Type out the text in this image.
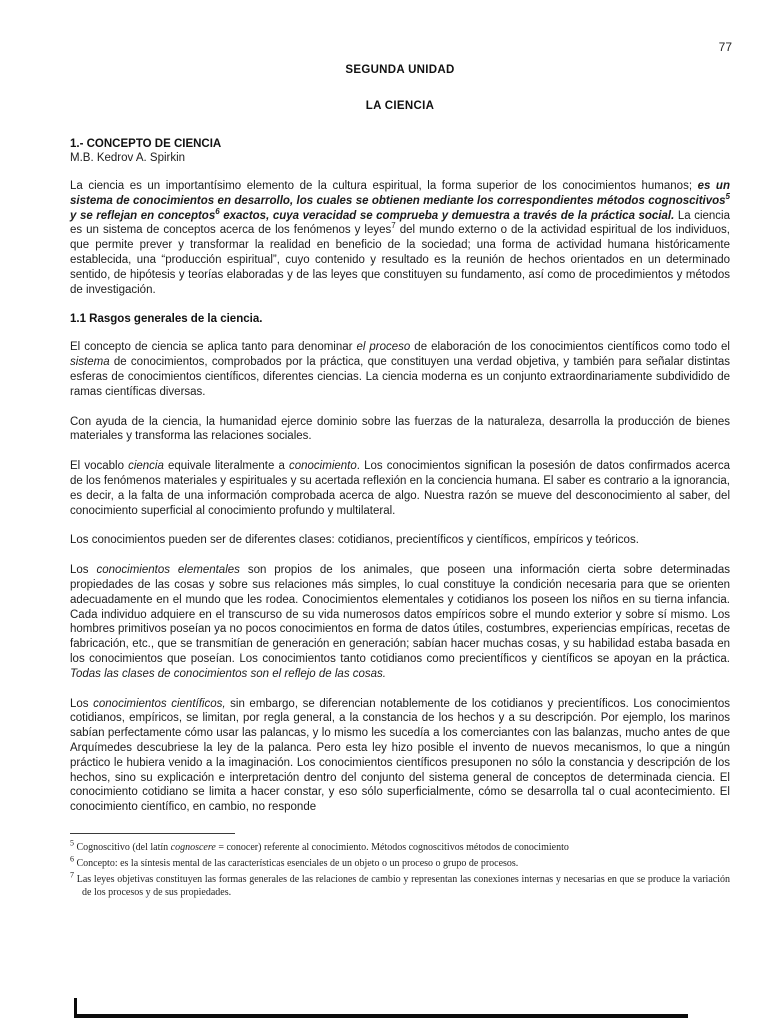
77
SEGUNDA UNIDAD
LA CIENCIA
1.- CONCEPTO DE CIENCIA
M.B. Kedrov A. Spirkin

La ciencia es un importantísimo elemento de la cultura espiritual, la forma superior de los conocimientos humanos; es un sistema de conocimientos en desarrollo, los cuales se obtienen mediante los correspondientes métodos cognoscitivos$^5$ y se reflejan en conceptos$^6$ exactos, cuya veracidad se comprueba y demuestra a través de la práctica social. La ciencia es un sistema de conceptos acerca de los fenómenos y leyes$^7$ del mundo externo o de la actividad espiritual de los individuos, que permite prever y transformar la realidad en beneficio de la sociedad; una forma de actividad humana históricamente establecida, una “producción espiritual”, cuyo contenido y resultado es la reunión de hechos orientados en un determinado sentido, de hipótesis y teorías elaboradas y de las leyes que constituyen su fundamento, así como de procedimientos y métodos de investigación.

1.1 Rasgos generales de la ciencia.

El concepto de ciencia se aplica tanto para denominar el proceso de elaboración de los conocimientos científicos como todo el sistema de conocimientos, comprobados por la práctica, que constituyen una verdad objetiva, y también para señalar distintas esferas de conocimientos científicos, diferentes ciencias. La ciencia moderna es un conjunto extraordinariamente subdividido de ramas científicas diversas.

Con ayuda de la ciencia, la humanidad ejerce dominio sobre las fuerzas de la naturaleza, desarrolla la producción de bienes materiales y transforma las relaciones sociales.

El vocablo ciencia equivale literalmente a conocimiento. Los conocimientos significan la posesión de datos confirmados acerca de los fenómenos materiales y espirituales y su acertada reflexión en la conciencia humana. El saber es contrario a la ignorancia, es decir, a la falta de una información comprobada acerca de algo. Nuestra razón se mueve del desconocimiento al saber, del conocimiento superficial al conocimiento profundo y multilateral.

Los conocimientos pueden ser de diferentes clases: cotidianos, precientíficos y científicos, empíricos y teóricos.

Los conocimientos elementales son propios de los animales, que poseen una información cierta sobre determinadas propiedades de las cosas y sobre sus relaciones más simples, lo cual constituye la condición necesaria para que se orienten adecuadamente en el mundo que les rodea. Conocimientos elementales y cotidianos los poseen los niños en su tierna infancia. Cada individuo adquiere en el transcurso de su vida numerosos datos empíricos sobre el mundo exterior y sobre sí mismo. Los hombres primitivos poseían ya no pocos conocimientos en forma de datos útiles, costumbres, experiencias empíricas, recetas de fabricación, etc., que se transmitían de generación en generación; sabían hacer muchas cosas, y su habilidad estaba basada en los conocimientos que poseían. Los conocimientos tanto cotidianos como precientíficos y científicos se apoyan en la práctica. Todas las clases de conocimientos son el reflejo de las cosas.

Los conocimientos científicos, sin embargo, se diferencian notablemente de los cotidianos y precientíficos. Los conocimientos cotidianos, empíricos, se limitan, por regla general, a la constancia de los hechos y a su descripción. Por ejemplo, los marinos sabían perfectamente cómo usar las palancas, y lo mismo les sucedía a los comerciantes con las balanzas, mucho antes de que Arquímedes descubriese la ley de la palanca. Pero esta ley hizo posible el invento de nuevos mecanismos, lo que a ningún práctico le hubiera venido a la imaginación. Los conocimientos científicos presuponen no sólo la constancia y descripción de los hechos, sino su explicación e interpretación dentro del conjunto del sistema general de conceptos de determinada ciencia. El conocimiento cotidiano se limita a hacer constar, y eso sólo superficialmente, cómo se desarrolla tal o cual acontecimiento. El conocimiento científico, en cambio, no responde

$^5$ Cognoscitivo (del latín cognoscere = conocer) referente al conocimiento. Métodos cognoscitivos métodos de conocimiento
$^6$ Concepto: es la síntesis mental de las características esenciales de un objeto o un proceso o grupo de procesos.
$^7$ Las leyes objetivas constituyen las formas generales de las relaciones de cambio y representan las conexiones internas y necesarias en que se produce la variación de los procesos y de sus propiedades.
